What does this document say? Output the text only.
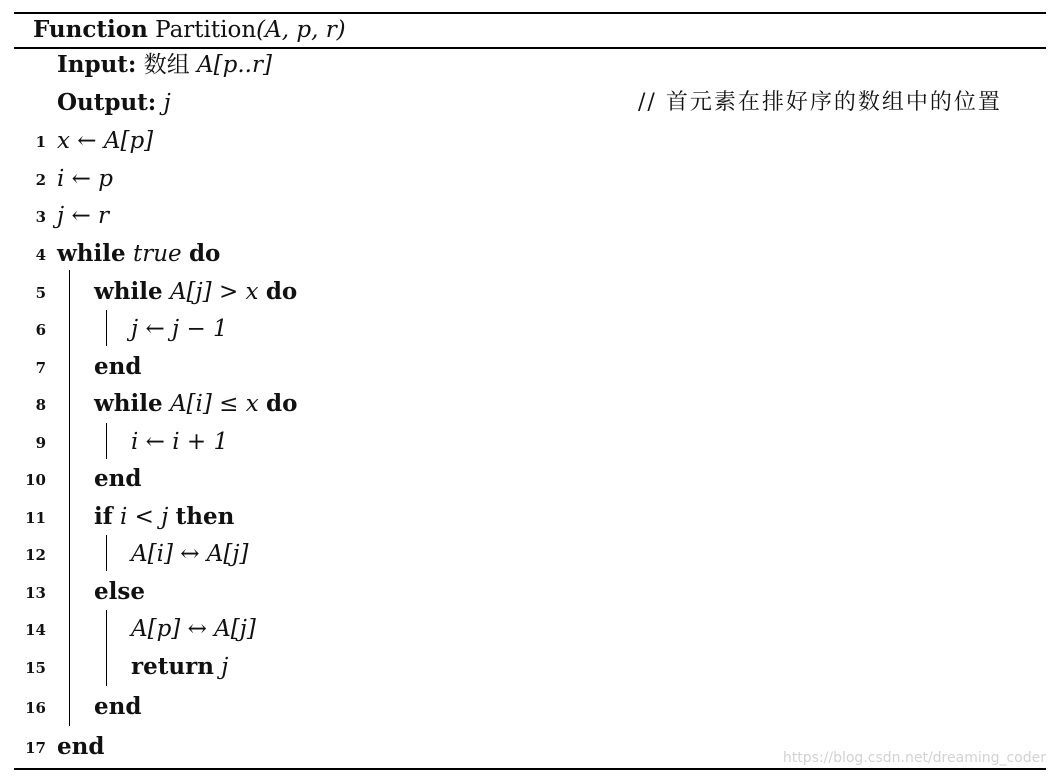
Function Partition(A, p, r)
Input: 数组 A[p..r]
Output: j	// 首元素在排好序的数组中的位置
1 x ← A[p]
2 i ← p
3 j ← r
4 while true do
5 while A[j] > x do
6	j ← j − 1
7 end
8 while A[i] ≤ x do
9	i ← i + 1
10 end
11 if i < j then
12	A[i] ↔ A[j]
13 else
14	A[p] ↔ A[j]
15	return j
16 end
17 end	https://blog.csdn.net/dreaming_coder
